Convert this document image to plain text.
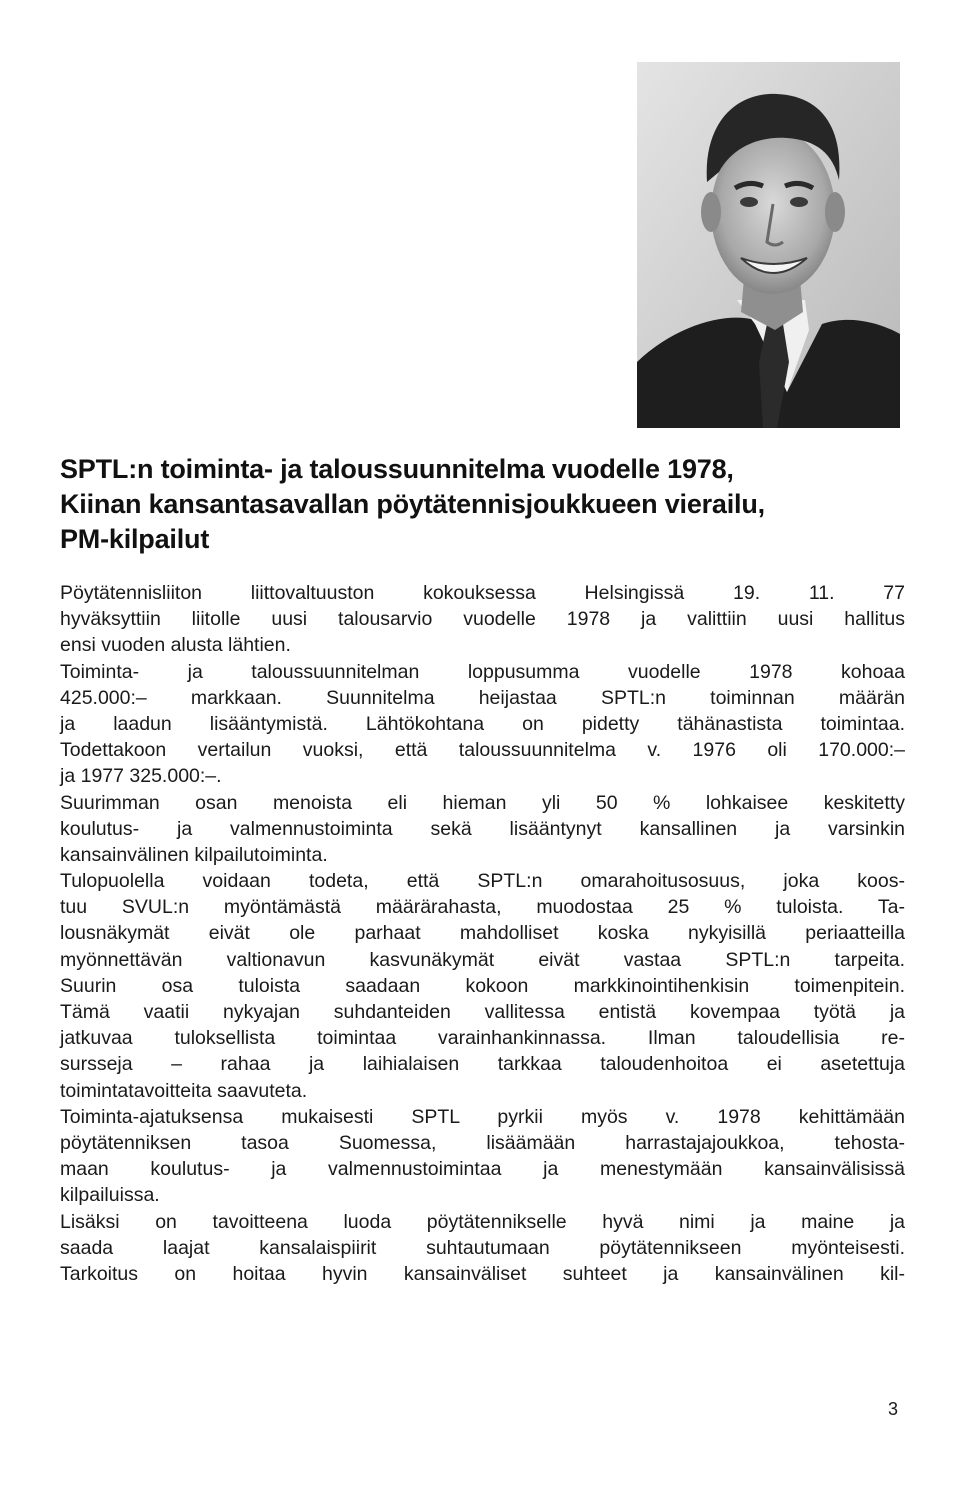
SPTL:n toiminta- ja taloussuunnitelma vuodelle 1978,
Kiinan kansantasavallan pöytätennisjoukkueen vierailu,
PM-kilpailut
Pöytätennisliiton liittovaltuuston kokouksessa Helsingissä 19. 11. 77
hyväksyttiin liitolle uusi talousarvio vuodelle 1978 ja valittiin uusi hallitus
ensi vuoden alusta lähtien.
Toiminta- ja taloussuunnitelman loppusumma vuodelle 1978 kohoaa
425.000:– markkaan. Suunnitelma heijastaa SPTL:n toiminnan määrän
ja laadun lisääntymistä. Lähtökohtana on pidetty tähänastista toimintaa.
Todettakoon vertailun vuoksi, että taloussuunnitelma v. 1976 oli 170.000:–
ja 1977 325.000:–.
Suurimman osan menoista eli hieman yli 50 % lohkaisee keskitetty
koulutus- ja valmennustoiminta sekä lisääntynyt kansallinen ja varsinkin
kansainvälinen kilpailutoiminta.
Tulopuolella voidaan todeta, että SPTL:n omarahoitusosuus, joka koos-
tuu SVUL:n myöntämästä määrärahasta, muodostaa 25 % tuloista. Ta-
lousnäkymät eivät ole parhaat mahdolliset koska nykyisillä periaatteilla
myönnettävän valtionavun kasvunäkymät eivät vastaa SPTL:n tarpeita.
Suurin osa tuloista saadaan kokoon markkinointihenkisin toimenpitein.
Tämä vaatii nykyajan suhdanteiden vallitessa entistä kovempaa työtä ja
jatkuvaa tuloksellista toimintaa varainhankinnassa. Ilman taloudellisia re-
sursseja – rahaa ja laihialaisen tarkkaa taloudenhoitoa ei asetettuja
toimintatavoitteita saavuteta.
Toiminta-ajatuksensa mukaisesti SPTL pyrkii myös v. 1978 kehittämään
pöytätenniksen tasoa Suomessa, lisäämään harrastajajoukkoa, tehosta-
maan koulutus- ja valmennustoimintaa ja menestymään kansainvälisissä
kilpailuissa.
Lisäksi on tavoitteena luoda pöytätennikselle hyvä nimi ja maine ja
saada laajat kansalaispiirit suhtautumaan pöytätennikseen myönteisesti.
Tarkoitus on hoitaa hyvin kansainväliset suhteet ja kansainvälinen kil-
3
